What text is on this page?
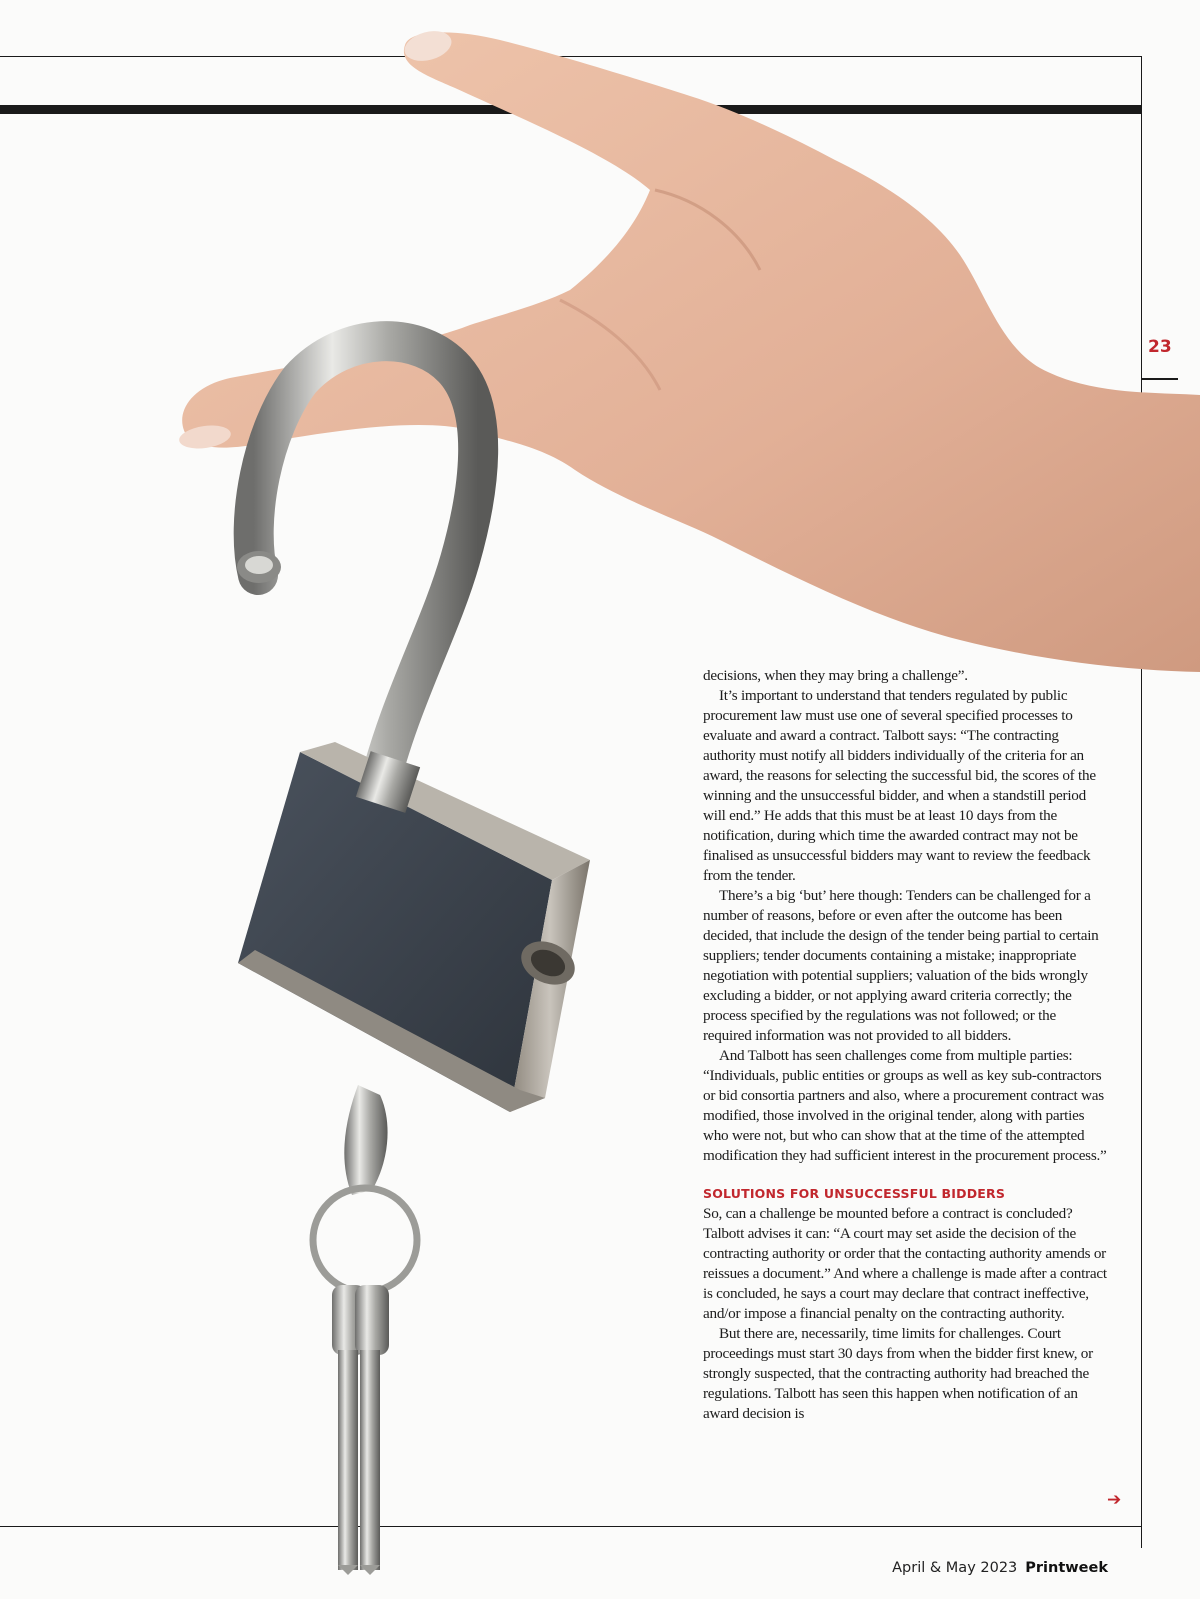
23

decisions, when they may bring a challenge”.

It’s important to understand that tenders regulated by public procurement law must use one of several specified processes to evaluate and award a contract. Talbott says: “The contracting authority must notify all bidders individually of the criteria for an award, the reasons for selecting the successful bid, the scores of the winning and the unsuccessful bidder, and when a standstill period will end.” He adds that this must be at least 10 days from the notification, during which time the awarded contract may not be finalised as unsuccessful bidders may want to review the feedback from the tender.

There’s a big ‘but’ here though: Tenders can be challenged for a number of reasons, before or even after the outcome has been decided, that include the design of the tender being partial to certain suppliers; tender documents containing a mistake; inappropriate negotiation with potential suppliers; valuation of the bids wrongly excluding a bidder, or not applying award criteria correctly; the process specified by the regulations was not followed; or the required information was not provided to all bidders.

And Talbott has seen challenges come from multiple parties: “Individuals, public entities or groups as well as key sub-contractors or bid consortia partners and also, where a procurement contract was modified, those involved in the original tender, along with parties who were not, but who can show that at the time of the attempted modification they had sufficient interest in the procurement process.”

SOLUTIONS FOR UNSUCCESSFUL BIDDERS

So, can a challenge be mounted before a contract is concluded? Talbott advises it can: “A court may set aside the decision of the contracting authority or order that the contacting authority amends or reissues a document.” And where a challenge is made after a contract is concluded, he says a court may declare that contract ineffective, and/or impose a financial penalty on the contracting authority.

But there are, necessarily, time limits for challenges. Court proceedings must start 30 days from when the bidder first knew, or strongly suspected, that the contracting authority had breached the regulations. Talbott has seen this happen when notification of an award decision is

➔
April & May 2023 Printweek
